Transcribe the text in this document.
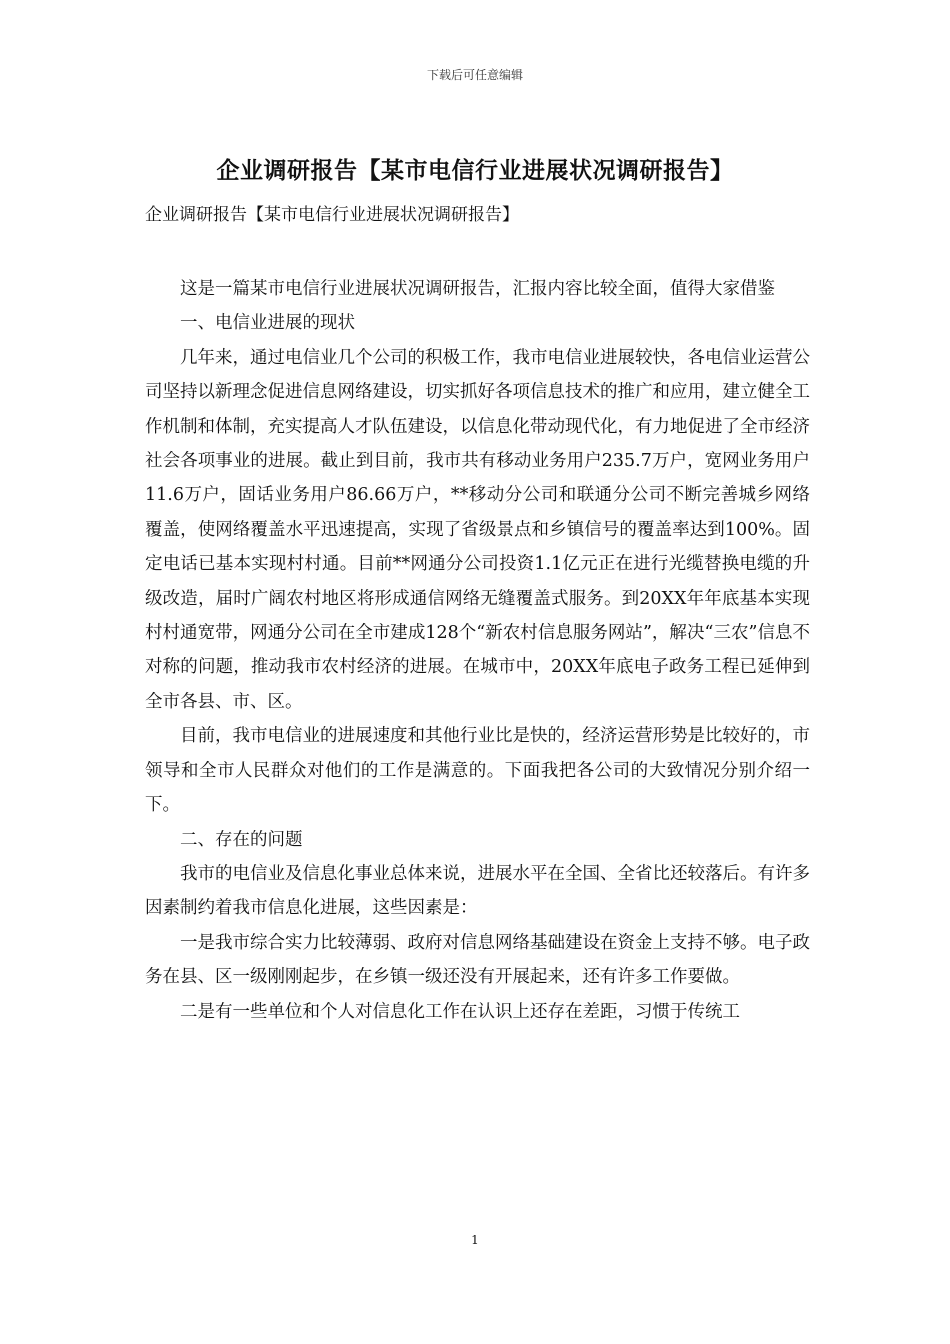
下载后可任意编辑
企业调研报告【某市电信行业进展状况调研报告】
企业调研报告【某市电信行业进展状况调研报告】

这是一篇某市电信行业进展状况调研报告，汇报内容比较全面，值得大家借鉴

一、电信业进展的现状

几年来，通过电信业几个公司的积极工作，我市电信业进展较快，各电信业运营公司坚持以新理念促进信息网络建设，切实抓好各项信息技术的推广和应用，建立健全工作机制和体制，充实提高人才队伍建设，以信息化带动现代化，有力地促进了全市经济社会各项事业的进展。截止到目前，我市共有移动业务用户235.7万户，宽网业务用户11.6万户，固话业务用户86.66万户，**移动分公司和联通分公司不断完善城乡网络覆盖，使网络覆盖水平迅速提高，实现了省级景点和乡镇信号的覆盖率达到100%。固定电话已基本实现村村通。目前**网通分公司投资1.1亿元正在进行光缆替换电缆的升级改造，届时广阔农村地区将形成通信网络无缝覆盖式服务。到20XX年年底基本实现村村通宽带，网通分公司在全市建成128个“新农村信息服务网站”，解决“三农”信息不对称的问题，推动我市农村经济的进展。在城市中，20XX年底电子政务工程已延伸到全市各县、市、区。

目前，我市电信业的进展速度和其他行业比是快的，经济运营形势是比较好的，市领导和全市人民群众对他们的工作是满意的。下面我把各公司的大致情况分别介绍一下。

二、存在的问题

我市的电信业及信息化事业总体来说，进展水平在全国、全省比还较落后。有许多因素制约着我市信息化进展，这些因素是：

一是我市综合实力比较薄弱、政府对信息网络基础建设在资金上支持不够。电子政务在县、区一级刚刚起步，在乡镇一级还没有开展起来，还有许多工作要做。

二是有一些单位和个人对信息化工作在认识上还存在差距，习惯于传统工

1
